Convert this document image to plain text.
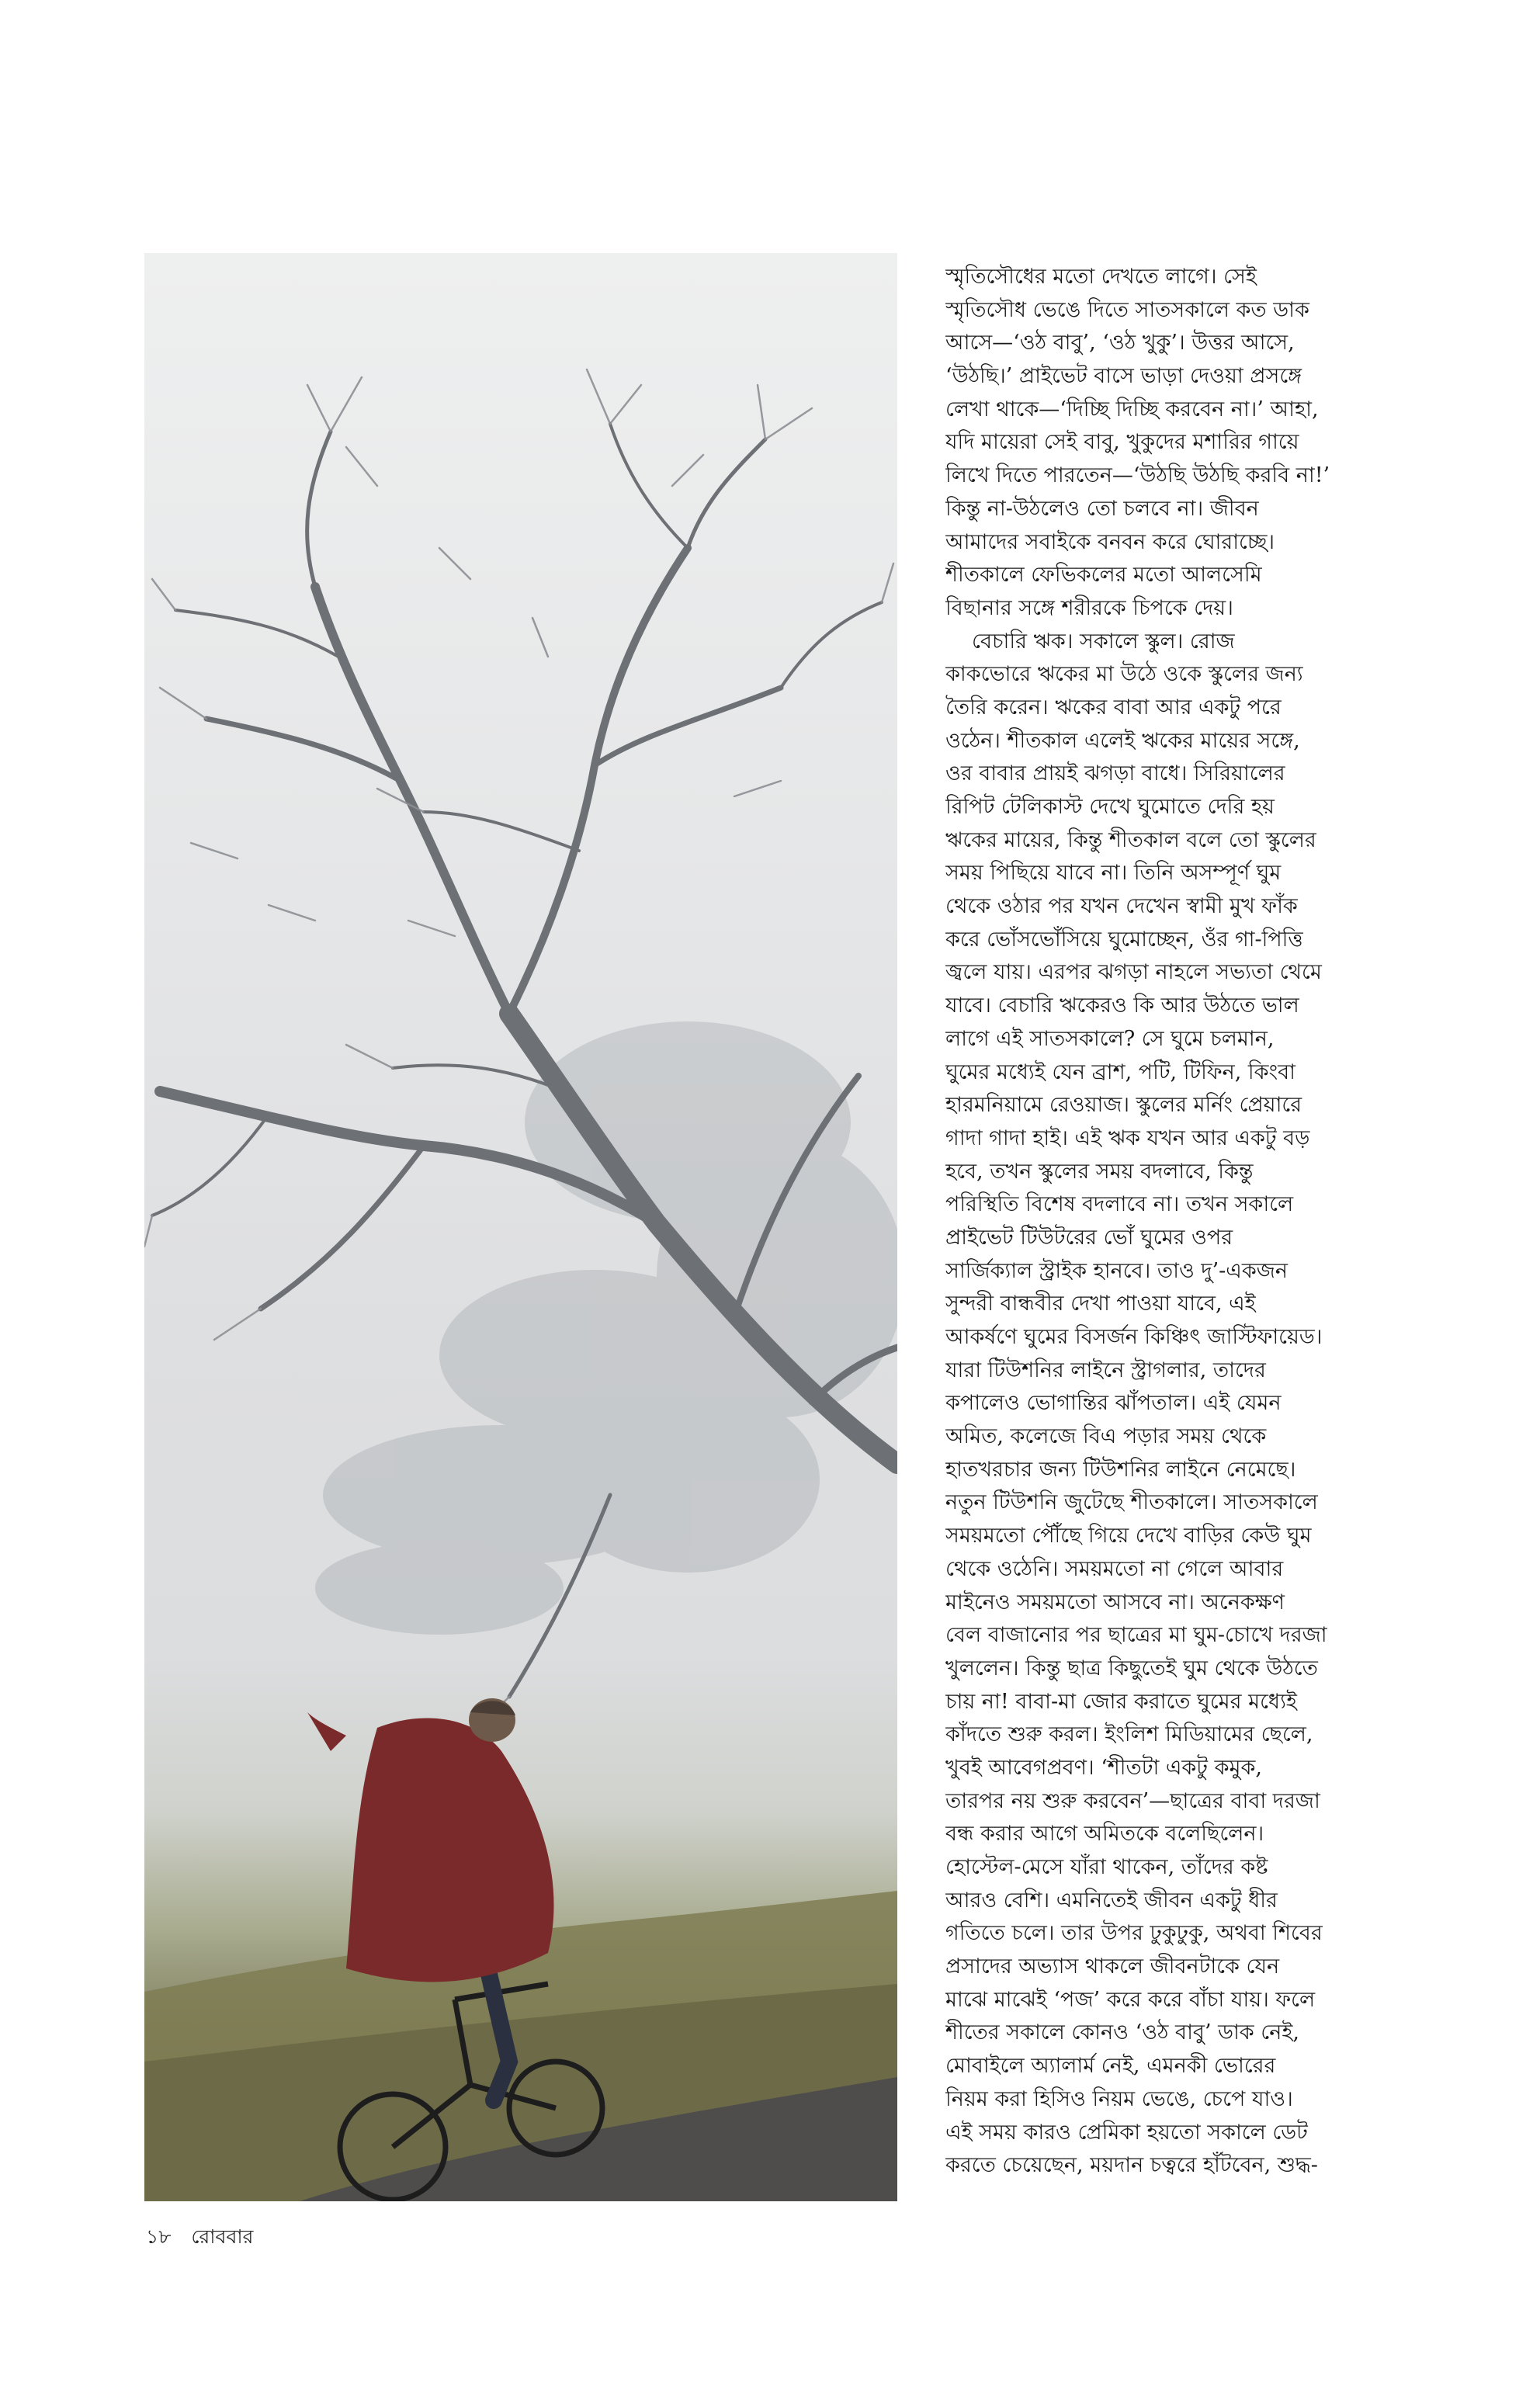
স্মৃতিসৌধের মতো দেখতে লাগে। সেই

স্মৃতিসৌধ ভেঙে দিতে সাতসকালে কত ডাক

আসে—‘ওঠ বাবু’, ‘ওঠ খুকু’। উত্তর আসে,

‘উঠছি।’ প্রাইভেট বাসে ভাড়া দেওয়া প্রসঙ্গে

লেখা থাকে—‘দিচ্ছি দিচ্ছি করবেন না।’ আহা,

যদি মায়েরা সেই বাবু, খুকুদের মশারির গায়ে

লিখে দিতে পারতেন—‘উঠছি উঠছি করবি না!’

কিন্তু না-উঠলেও তো চলবে না। জীবন

আমাদের সবাইকে বনবন করে ঘোরাচ্ছে।

শীতকালে ফেভিকলের মতো আলসেমি

বিছানার সঙ্গে শরীরকে চিপকে দেয়।

বেচারি ঋক। সকালে স্কুল। রোজ

কাকভোরে ঋকের মা উঠে ওকে স্কুলের জন্য

তৈরি করেন। ঋকের বাবা আর একটু পরে

ওঠেন। শীতকাল এলেই ঋকের মায়ের সঙ্গে,

ওর বাবার প্রায়ই ঝগড়া বাধে। সিরিয়ালের

রিপিট টেলিকাস্ট দেখে ঘুমোতে দেরি হয়

ঋকের মায়ের, কিন্তু শীতকাল বলে তো স্কুলের

সময় পিছিয়ে যাবে না। তিনি অসম্পূর্ণ ঘুম

থেকে ওঠার পর যখন দেখেন স্বামী মুখ ফাঁক

করে ভোঁসভোঁসিয়ে ঘুমোচ্ছেন, ওঁর গা-পিত্তি

জ্বলে যায়। এরপর ঝগড়া নাহলে সভ্যতা থেমে

যাবে। বেচারি ঋকেরও কি আর উঠতে ভাল

লাগে এই সাতসকালে? সে ঘুমে চলমান,

ঘুমের মধ্যেই যেন ব্রাশ, পটি, টিফিন, কিংবা

হারমনিয়ামে রেওয়াজ। স্কুলের মর্নিং প্রেয়ারে

গাদা গাদা হাই। এই ঋক যখন আর একটু বড়

হবে, তখন স্কুলের সময় বদলাবে, কিন্তু

পরিস্থিতি বিশেষ বদলাবে না। তখন সকালে

প্রাইভেট টিউটরের ভোঁ ঘুমের ওপর

সার্জিক্যাল স্ট্রাইক হানবে। তাও দু’-একজন

সুন্দরী বান্ধবীর দেখা পাওয়া যাবে, এই

আকর্ষণে ঘুমের বিসর্জন কিঞ্চিৎ জাস্টিফায়েড।

যারা টিউশনির লাইনে স্ট্রাগলার, তাদের

কপালেও ভোগান্তির ঝাঁপতাল। এই যেমন

অমিত, কলেজে বিএ পড়ার সময় থেকে

হাতখরচার জন্য টিউশনির লাইনে নেমেছে।

নতুন টিউশনি জুটেছে শীতকালে। সাতসকালে

সময়মতো পৌঁছে গিয়ে দেখে বাড়ির কেউ ঘুম

থেকে ওঠেনি। সময়মতো না গেলে আবার

মাইনেও সময়মতো আসবে না। অনেকক্ষণ

বেল বাজানোর পর ছাত্রের মা ঘুম-চোখে দরজা

খুললেন। কিন্তু ছাত্র কিছুতেই ঘুম থেকে উঠতে

চায় না! বাবা-মা জোর করাতে ঘুমের মধ্যেই

কাঁদতে শুরু করল। ইংলিশ মিডিয়ামের ছেলে,

খুবই আবেগপ্রবণ। ‘শীতটা একটু কমুক,

তারপর নয় শুরু করবেন’—ছাত্রের বাবা দরজা

বন্ধ করার আগে অমিতকে বলেছিলেন।

হোস্টেল-মেসে যাঁরা থাকেন, তাঁদের কষ্ট

আরও বেশি। এমনিতেই জীবন একটু ধীর

গতিতে চলে। তার উপর ঢুকুঢুকু, অথবা শিবের

প্রসাদের অভ্যাস থাকলে জীবনটাকে যেন

মাঝে মাঝেই ‘পজ’ করে করে বাঁচা যায়। ফলে

শীতের সকালে কোনও ‘ওঠ বাবু’ ডাক নেই,

মোবাইলে অ্যালার্ম নেই, এমনকী ভোরের

নিয়ম করা হিসিও নিয়ম ভেঙে, চেপে যাও।

এই সময় কারও প্রেমিকা হয়তো সকালে ডেট

করতে চেয়েছেন, ময়দান চত্বরে হাঁটবেন, শুদ্ধ-

১৮ রোববার
